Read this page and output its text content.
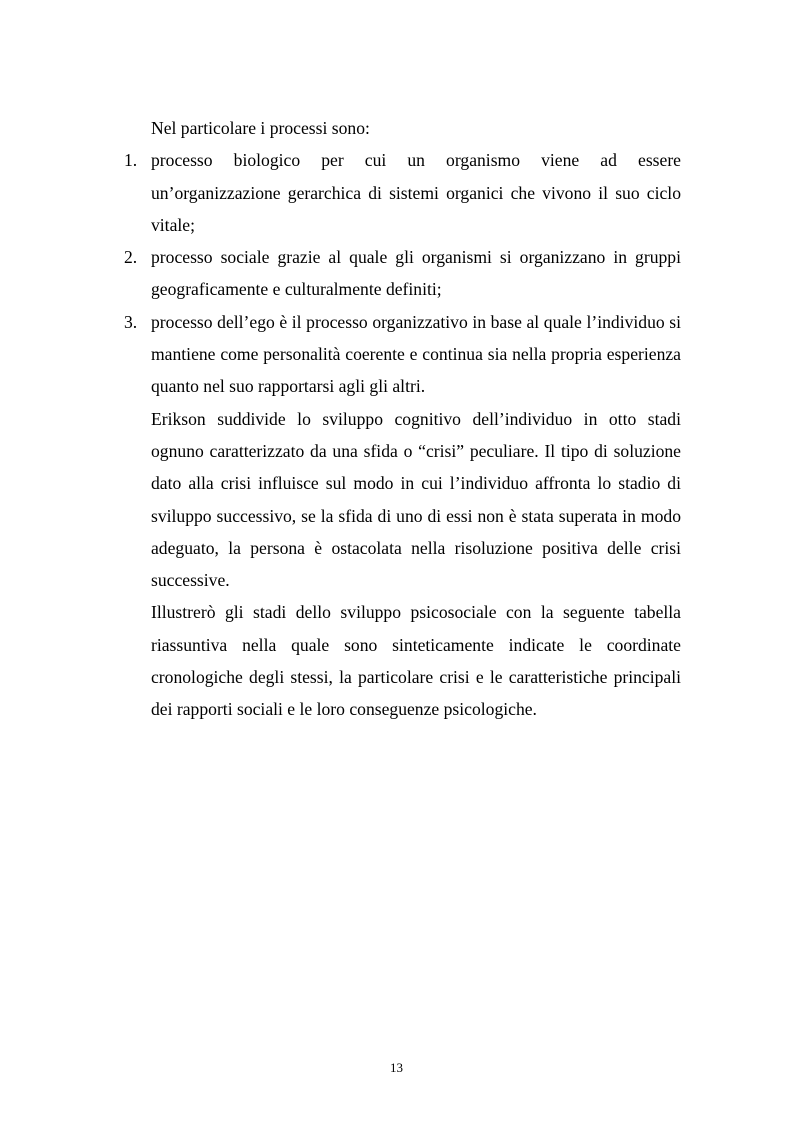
Nel particolare i processi sono:

1. processo biologico per cui un organismo viene ad essere un’organizzazione gerarchica di sistemi organici che vivono il suo ciclo vitale;
2. processo sociale grazie al quale gli organismi si organizzano in gruppi geograficamente e culturalmente definiti;
3. processo dell’ego è il processo organizzativo in base al quale l’individuo si mantiene come personalità coerente e continua sia nella propria esperienza quanto nel suo rapportarsi agli gli altri.

Erikson suddivide lo sviluppo cognitivo dell’individuo in otto stadi ognuno caratterizzato da una sfida o “crisi” peculiare. Il tipo di soluzione dato alla crisi influisce sul modo in cui l’individuo affronta lo stadio di sviluppo successivo, se la sfida di uno di essi non è stata superata in modo adeguato, la persona è ostacolata nella risoluzione positiva delle crisi successive.

Illustrerò gli stadi dello sviluppo psicosociale con la seguente tabella riassuntiva nella quale sono sinteticamente indicate le coordinate cronologiche degli stessi, la particolare crisi e le caratteristiche principali dei rapporti sociali e le loro conseguenze psicologiche.

13
